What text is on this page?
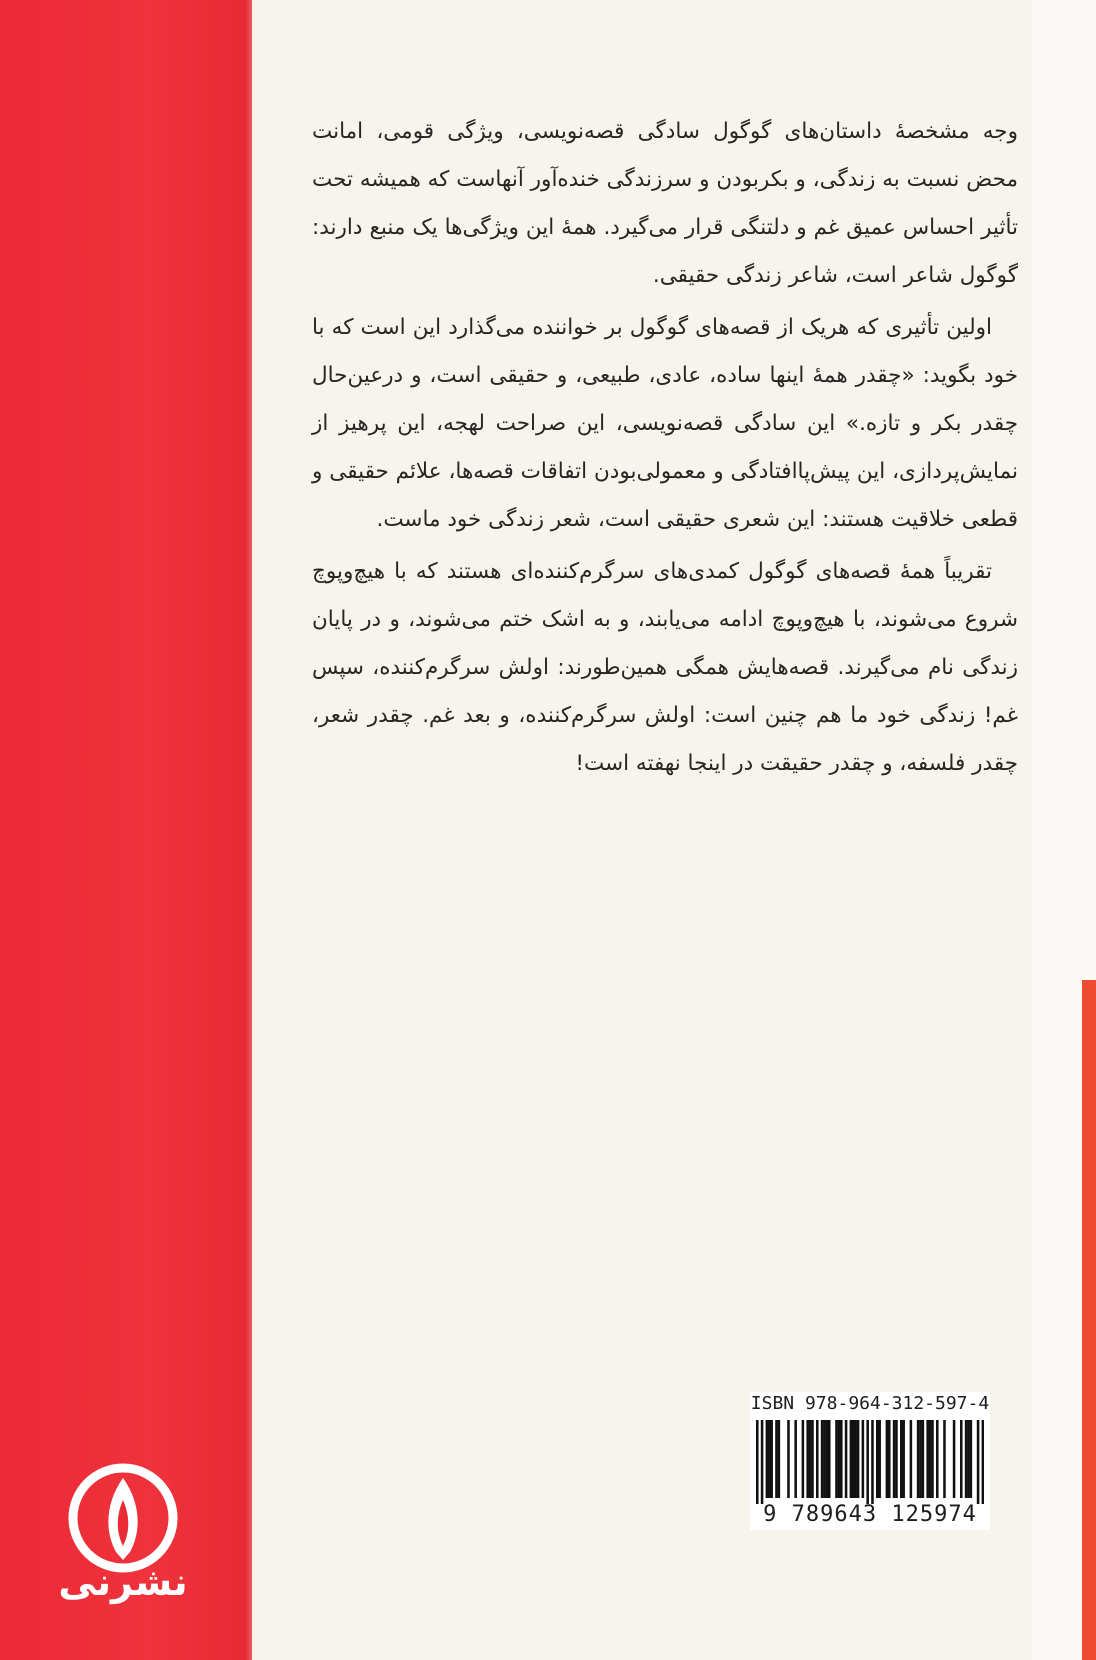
وجه مشخصهٔ داستان‌های گوگول سادگی قصه‌نویسی، ویژگی قومی، امانت محض نسبت به زندگی، و بکربودن و سرزندگی خنده‌آور آنهاست که همیشه تحت تأثیر احساس عمیق غم و دلتنگی قرار می‌گیرد. همهٔ این ویژگی‌ها یک منبع دارند: گوگول شاعر است، شاعر زندگی حقیقی.

اولین تأثیری که هریک از قصه‌های گوگول بر خواننده می‌گذارد این است که با خود بگوید: «چقدر همهٔ اینها ساده، عادی، طبیعی، و حقیقی است، و درعین‌حال چقدر بکر و تازه.» این سادگی قصه‌نویسی، این صراحت لهجه، این پرهیز از نمایش‌پردازی، این پیش‌پاافتادگی و معمولی‌بودن اتفاقات قصه‌ها، علائم حقیقی و قطعی خلاقیت هستند: این شعری حقیقی است، شعر زندگی خود ماست.

تقریباً همهٔ قصه‌های گوگول کمدی‌های سرگرم‌کننده‌ای هستند که با هیچ‌وپوچ شروع می‌شوند، با هیچ‌وپوچ ادامه می‌یابند، و به اشک ختم می‌شوند، و در پایان زندگی نام می‌گیرند. قصه‌هایش همگی همین‌طورند: اولش سرگرم‌کننده، سپس غم! زندگی خود ما هم چنین است: اولش سرگرم‌کننده، و بعد غم. چقدر شعر، چقدر فلسفه، و چقدر حقیقت در اینجا نهفته است!

ISBN 978-964-312-597-4
9 789643 125974
نشرنی
